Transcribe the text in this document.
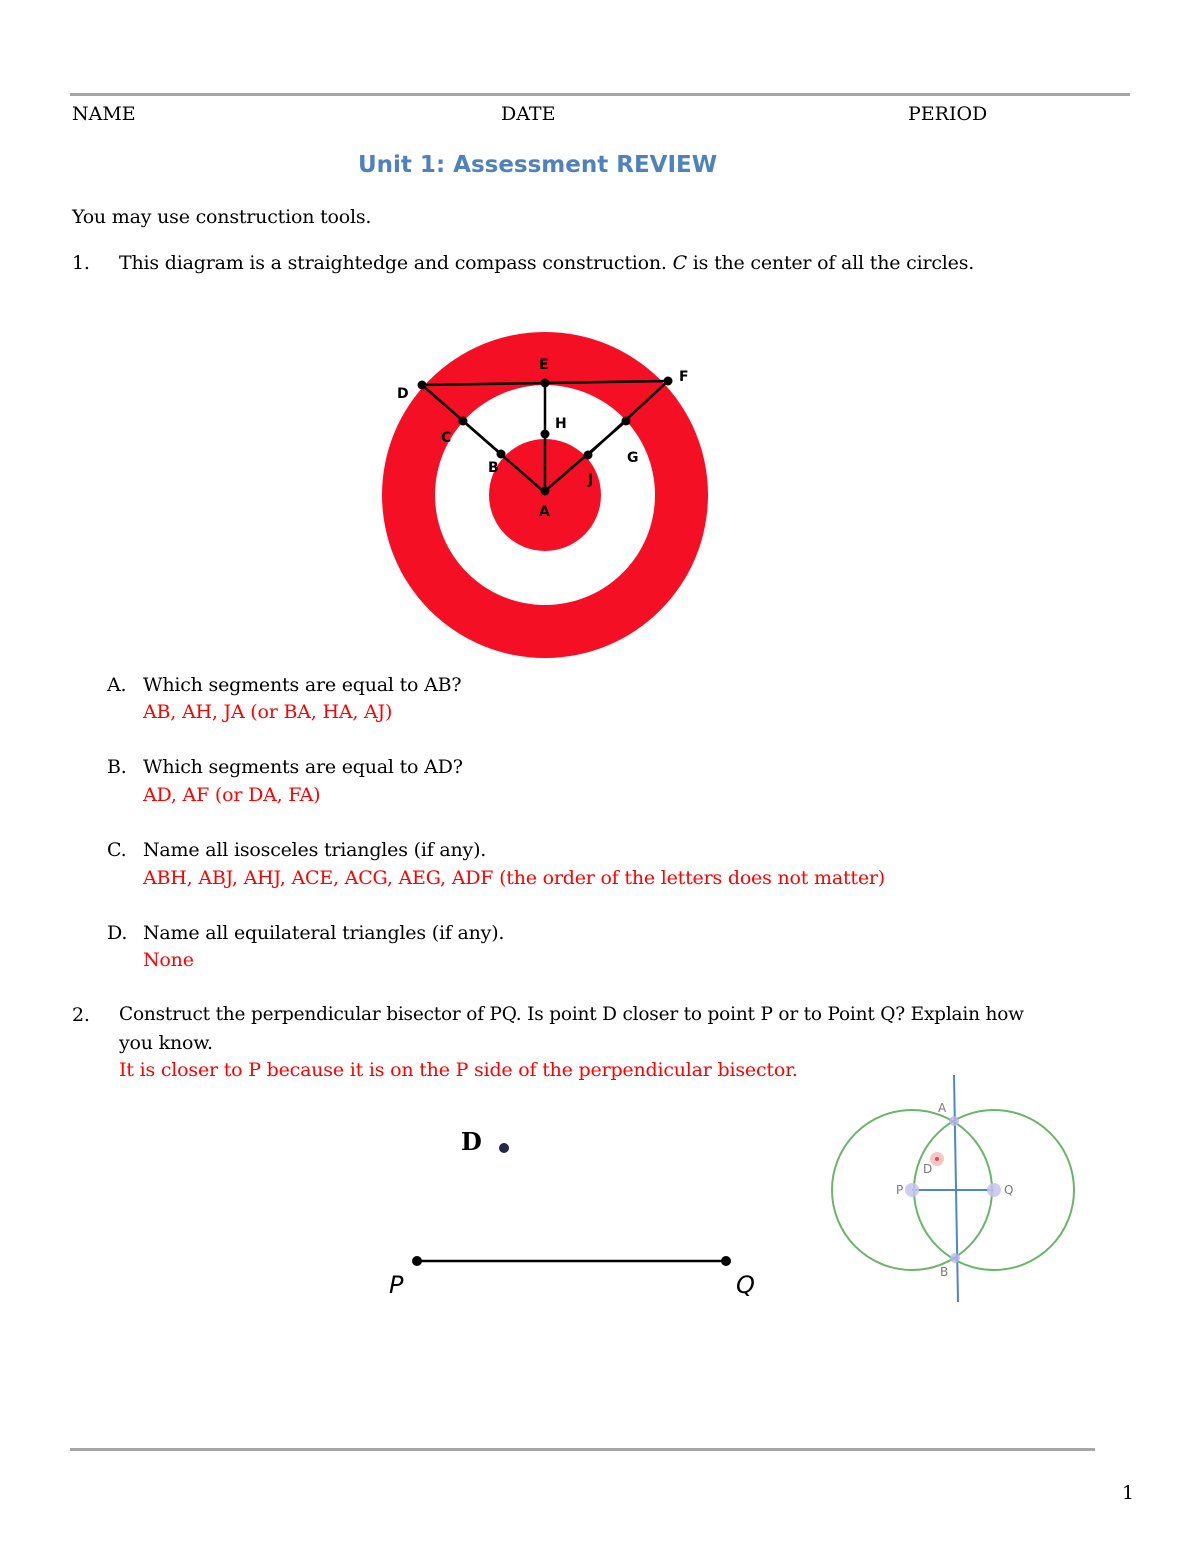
NAME	DATE	PERIOD
Unit 1: Assessment REVIEW
You may use construction tools.
1. This diagram is a straightedge and compass construction. C is the center of all the circles.
D
E
F
H
C
G
B
J
A
A. Which segments are equal to AB?
AB, AH, JA (or BA, HA, AJ)
B. Which segments are equal to AD?
AD, AF (or DA, FA)
C. Name all isosceles triangles (if any).
ABH, ABJ, AHJ, ACE, ACG, AEG, ADF (the order of the letters does not matter)
D. Name all equilateral triangles (if any).
None
2. Construct the perpendicular bisector of PQ. Is point D closer to point P or to Point Q? Explain how
you know.
It is closer to P because it is on the P side of the perpendicular bisector.
D
P	Q
A
B
P	Q
D
1
